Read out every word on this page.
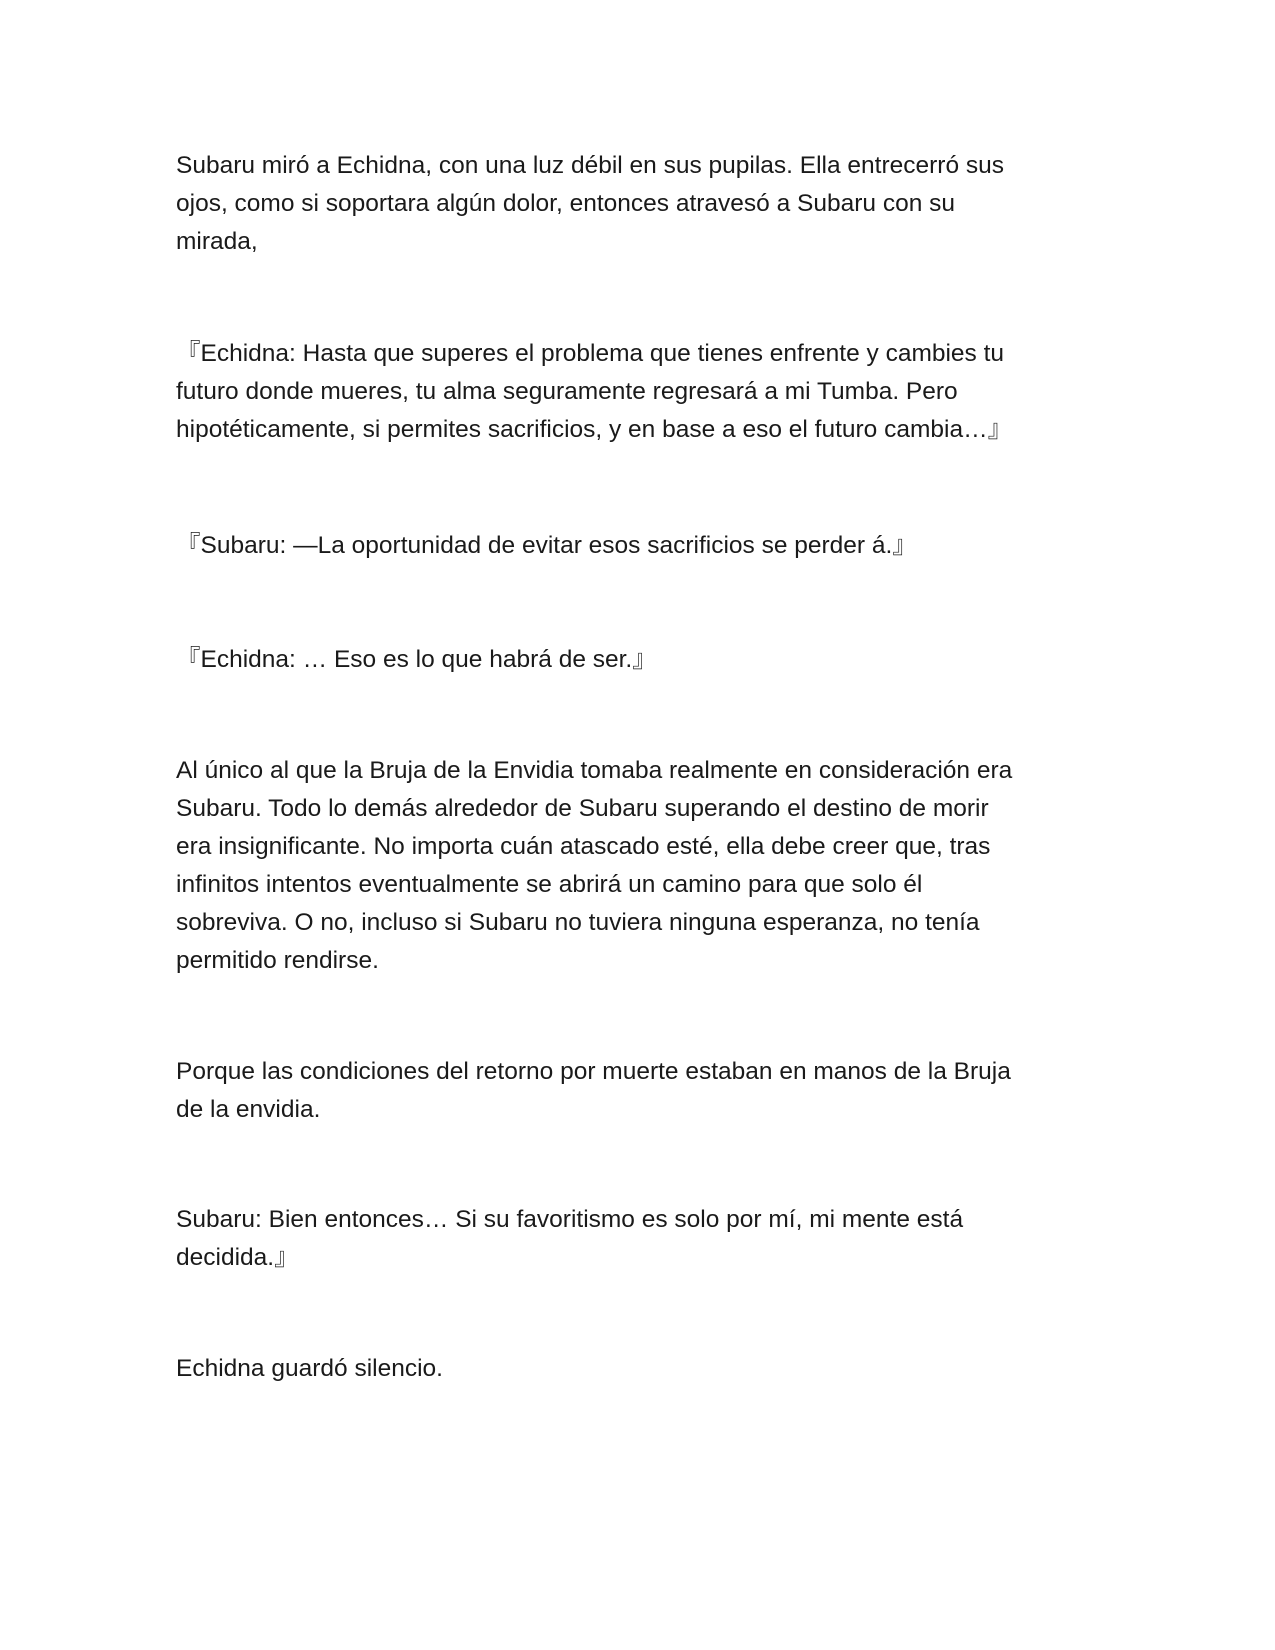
Subaru miró a Echidna, con una luz débil en sus pupilas. Ella entrecerró sus
ojos, como si soportara algún dolor, entonces atravesó a Subaru con su
mirada,

『Echidna: Hasta que superes el problema que tienes enfrente y cambies tu
futuro donde mueres, tu alma seguramente regresará a mi Tumba. Pero
hipotéticamente, si permites sacrificios, y en base a eso el futuro cambia…』

『Subaru: —La oportunidad de evitar esos sacrificios se perder á.』

『Echidna: … Eso es lo que habrá de ser.』

Al único al que la Bruja de la Envidia tomaba realmente en consideración era
Subaru. Todo lo demás alrededor de Subaru superando el destino de morir
era insignificante. No importa cuán atascado esté, ella debe creer que, tras
infinitos intentos eventualmente se abrirá un camino para que solo él
sobreviva. O no, incluso si Subaru no tuviera ninguna esperanza, no tenía
permitido rendirse.

Porque las condiciones del retorno por muerte estaban en manos de la Bruja
de la envidia.

Subaru: Bien entonces… Si su favoritismo es solo por mí, mi mente está
decidida.』

Echidna guardó silencio.
